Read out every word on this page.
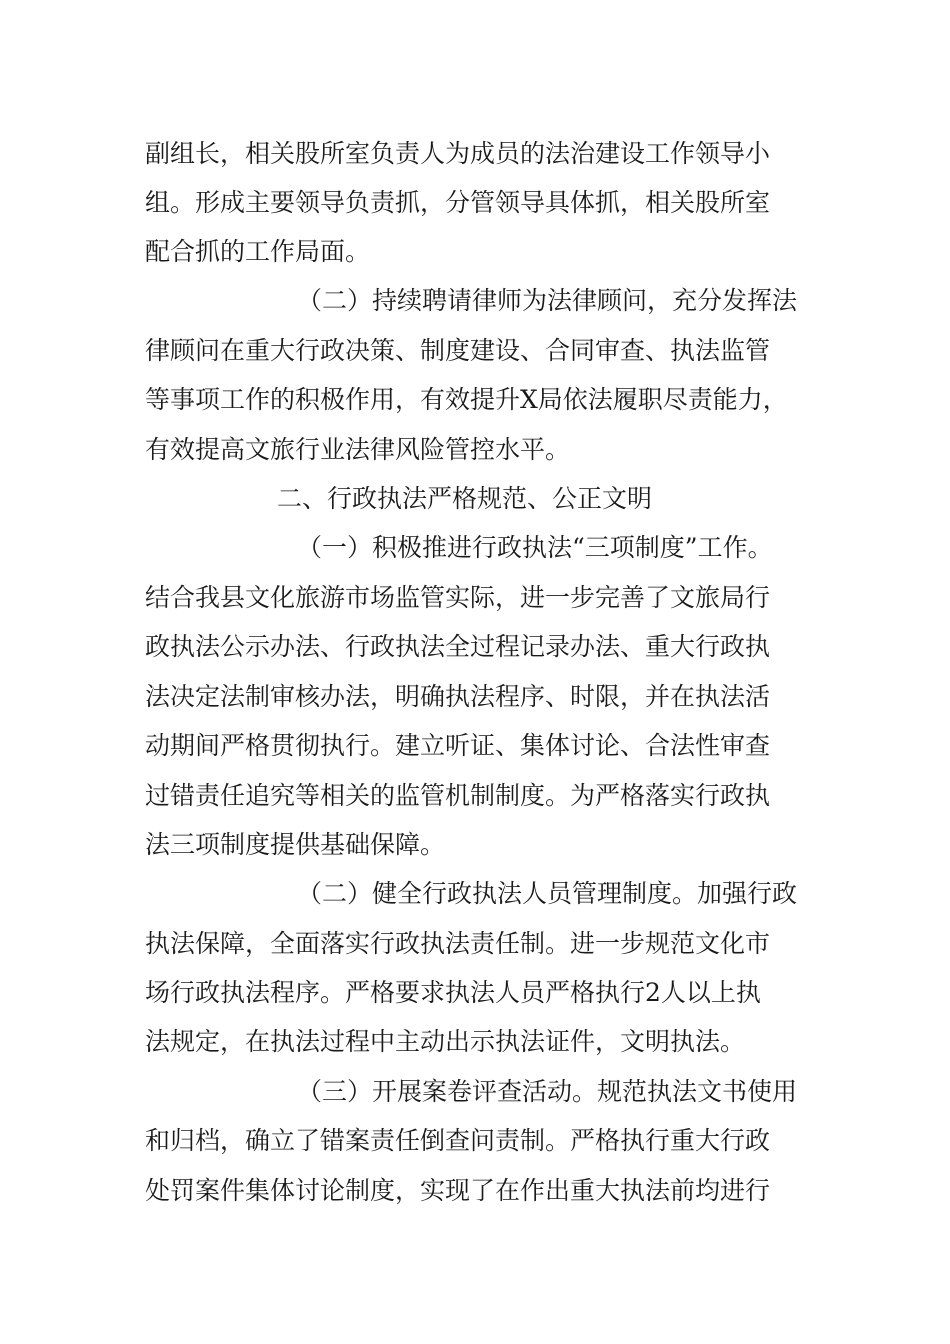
副组长，相关股所室负责人为成员的法治建设工作领导小
组。形成主要领导负责抓，分管领导具体抓，相关股所室
配合抓的工作局面。
（二）持续聘请律师为法律顾问，充分发挥法
律顾问在重大行政决策、制度建设、合同审查、执法监管
等事项工作的积极作用，有效提升X局依法履职尽责能力，
有效提高文旅行业法律风险管控水平。
二、行政执法严格规范、公正文明
（一）积极推进行政执法“三项制度”工作。
结合我县文化旅游市场监管实际，进一步完善了文旅局行
政执法公示办法、行政执法全过程记录办法、重大行政执
法决定法制审核办法，明确执法程序、时限，并在执法活
动期间严格贯彻执行。建立听证、集体讨论、合法性审查
过错责任追究等相关的监管机制制度。为严格落实行政执
法三项制度提供基础保障。
（二）健全行政执法人员管理制度。加强行政
执法保障，全面落实行政执法责任制。进一步规范文化市
场行政执法程序。严格要求执法人员严格执行2人以上执
法规定，在执法过程中主动出示执法证件，文明执法。
（三）开展案卷评查活动。规范执法文书使用
和归档，确立了错案责任倒查问责制。严格执行重大行政
处罚案件集体讨论制度，实现了在作出重大执法前均进行
